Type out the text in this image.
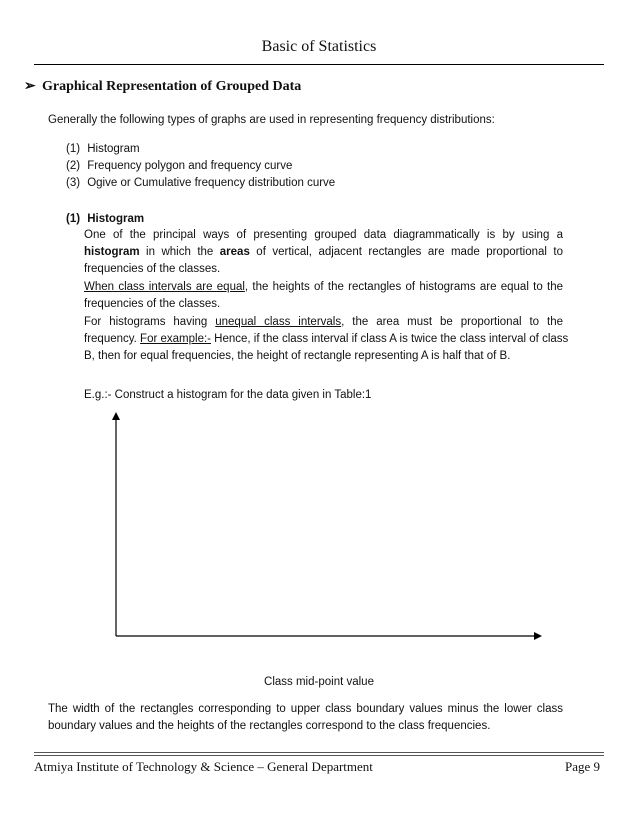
Basic of Statistics
➢ Graphical Representation of Grouped Data
Generally the following types of graphs are used in representing frequency distributions:
(1) Histogram
(2) Frequency polygon and frequency curve
(3) Ogive or Cumulative frequency distribution curve
(1) Histogram
One of the principal ways of presenting grouped data diagrammatically is by using a
histogram in which the areas of vertical, adjacent rectangles are made proportional to
frequencies of the classes.
When class intervals are equal, the heights of the rectangles of histograms are equal to the
frequencies of the classes.
For histograms having unequal class intervals, the area must be proportional to the
frequency. For example:- Hence, if the class interval if class A is twice the class interval of class
B, then for equal frequencies, the height of rectangle representing A is half that of B.
E.g.:- Construct a histogram for the data given in Table:1
Class mid-point value
The width of the rectangles corresponding to upper class boundary values minus the lower class
boundary values and the heights of the rectangles correspond to the class frequencies.
Atmiya Institute of Technology & Science – General Department	Page 9
